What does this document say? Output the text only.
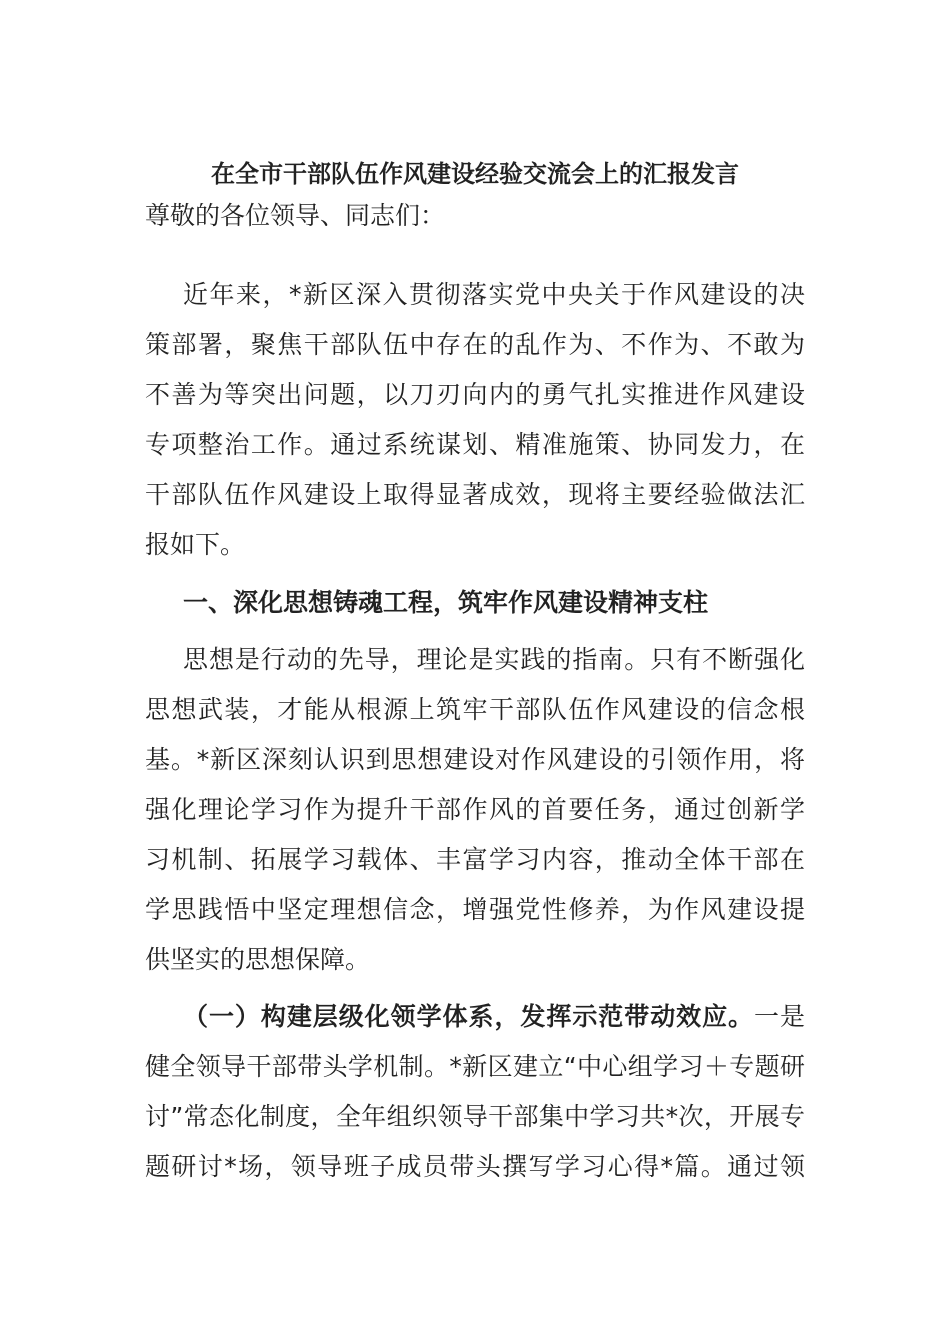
在全市干部队伍作风建设经验交流会上的汇报发言

尊敬的各位领导、同志们：

近年来，*新区深入贯彻落实党中央关于作风建设的决

策部署，聚焦干部队伍中存在的乱作为、不作为、不敢为

不善为等突出问题，以刀刃向内的勇气扎实推进作风建设

专项整治工作。通过系统谋划、精准施策、协同发力，在

干部队伍作风建设上取得显著成效，现将主要经验做法汇

报如下。

一、深化思想铸魂工程，筑牢作风建设精神支柱

思想是行动的先导，理论是实践的指南。只有不断强化

思想武装，才能从根源上筑牢干部队伍作风建设的信念根

基。*新区深刻认识到思想建设对作风建设的引领作用，将

强化理论学习作为提升干部作风的首要任务，通过创新学

习机制、拓展学习载体、丰富学习内容，推动全体干部在

学思践悟中坚定理想信念，增强党性修养，为作风建设提

供坚实的思想保障。

（一）构建层级化领学体系，发挥示范带动效应。一是

健全领导干部带头学机制。*新区建立“中心组学习＋专题研

讨”常态化制度，全年组织领导干部集中学习共*次，开展专

题研讨*场，领导班子成员带头撰写学习心得*篇。通过领
